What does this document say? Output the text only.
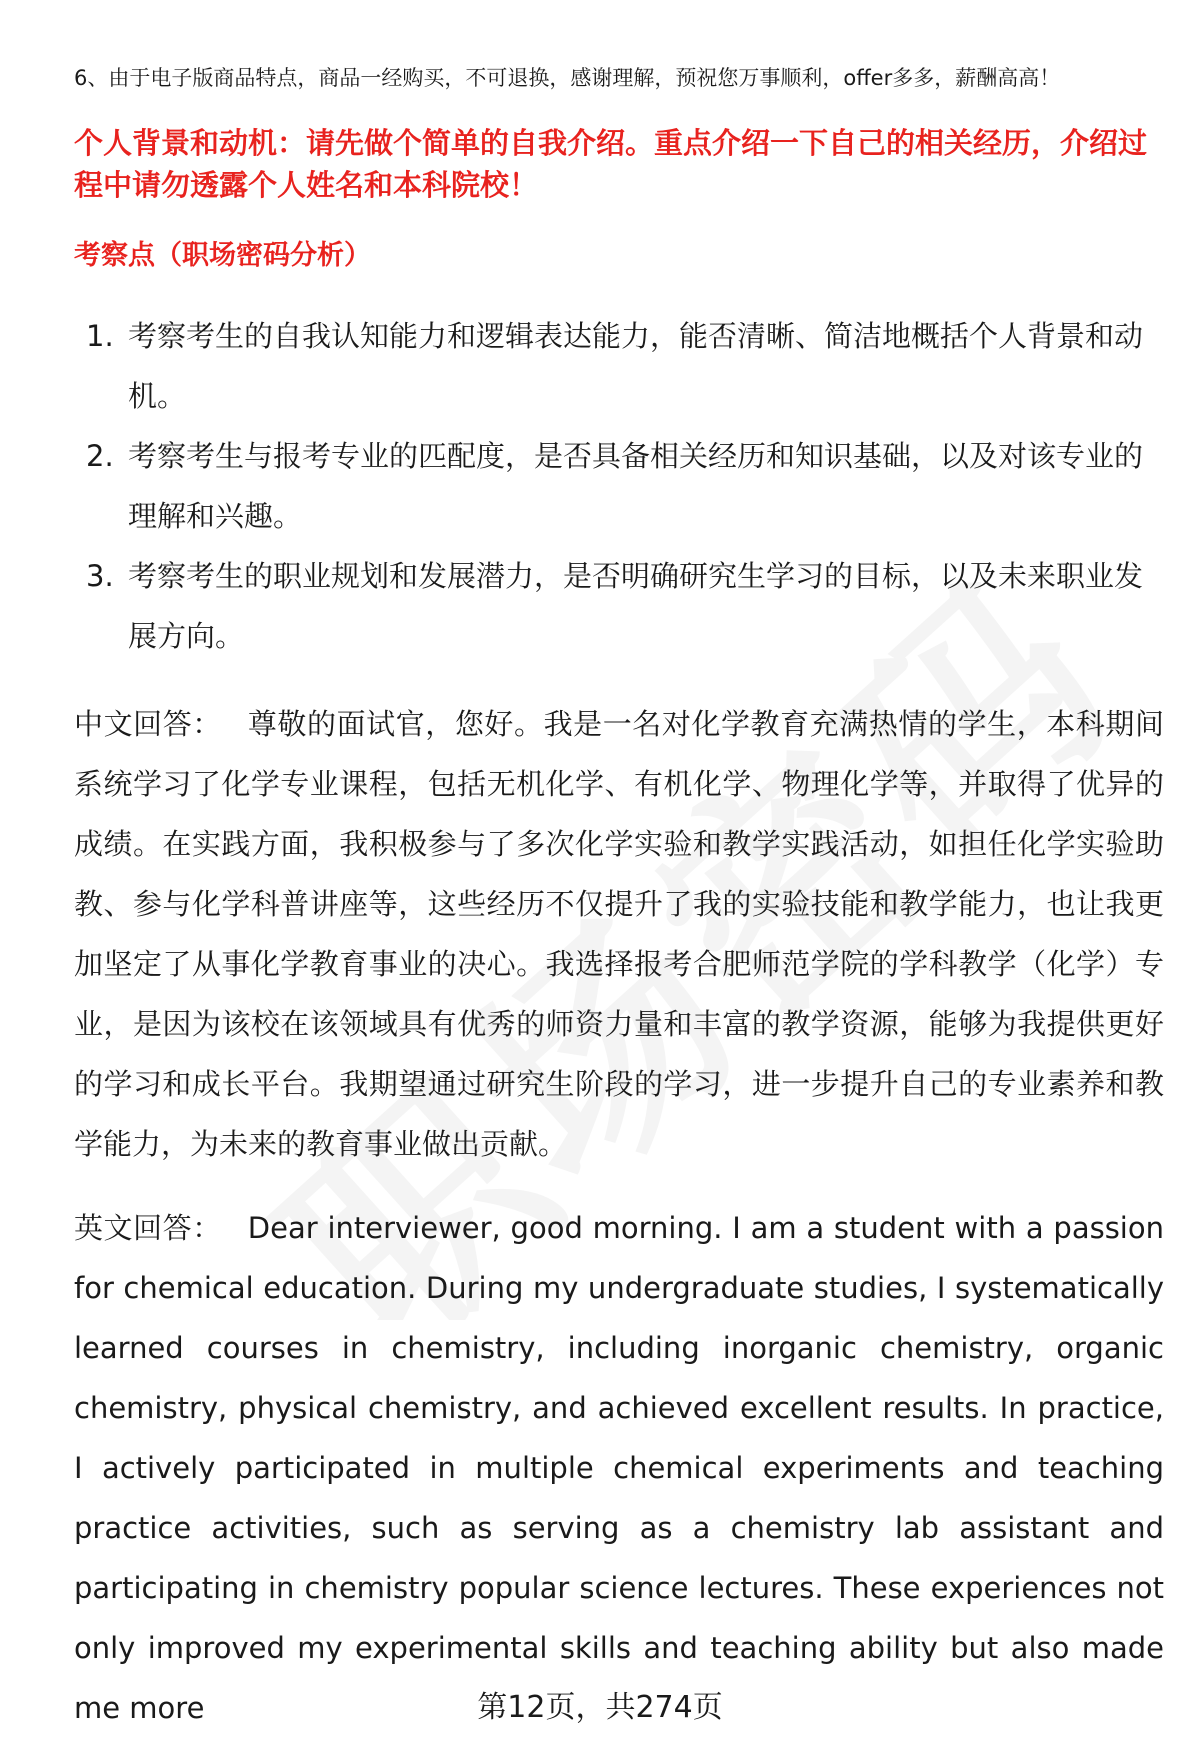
6、由于电子版商品特点，商品一经购买，不可退换，感谢理解，预祝您万事顺利，offer多多，薪酬高高！
个人背景和动机：请先做个简单的自我介绍。重点介绍一下自己的相关经历，介绍过程中请勿透露个人姓名和本科院校！
考察点（职场密码分析）
1. 考察考生的自我认知能力和逻辑表达能力，能否清晰、简洁地概括个人背景和动机。
2. 考察考生与报考专业的匹配度，是否具备相关经历和知识基础，以及对该专业的理解和兴趣。
3. 考察考生的职业规划和发展潜力，是否明确研究生学习的目标，以及未来职业发展方向。

中文回答： 尊敬的面试官，您好。我是一名对化学教育充满热情的学生，本科期间系统学习了化学专业课程，包括无机化学、有机化学、物理化学等，并取得了优异的成绩。在实践方面，我积极参与了多次化学实验和教学实践活动，如担任化学实验助教、参与化学科普讲座等，这些经历不仅提升了我的实验技能和教学能力，也让我更加坚定了从事化学教育事业的决心。我选择报考合肥师范学院的学科教学（化学）专业，是因为该校在该领域具有优秀的师资力量和丰富的教学资源，能够为我提供更好的学习和成长平台。我期望通过研究生阶段的学习，进一步提升自己的专业素养和教学能力，为未来的教育事业做出贡献。

英文回答： Dear interviewer, good morning. I am a student with a passion for chemical education. During my undergraduate studies, I systematically learned courses in chemistry, including inorganic chemistry, organic chemistry, physical chemistry, and achieved excellent results. In practice, I actively participated in multiple chemical experiments and teaching practice activities, such as serving as a chemistry lab assistant and participating in chemistry popular science lectures. These experiences not only improved my experimental skills and teaching ability but also made me more	第12页，共274页
